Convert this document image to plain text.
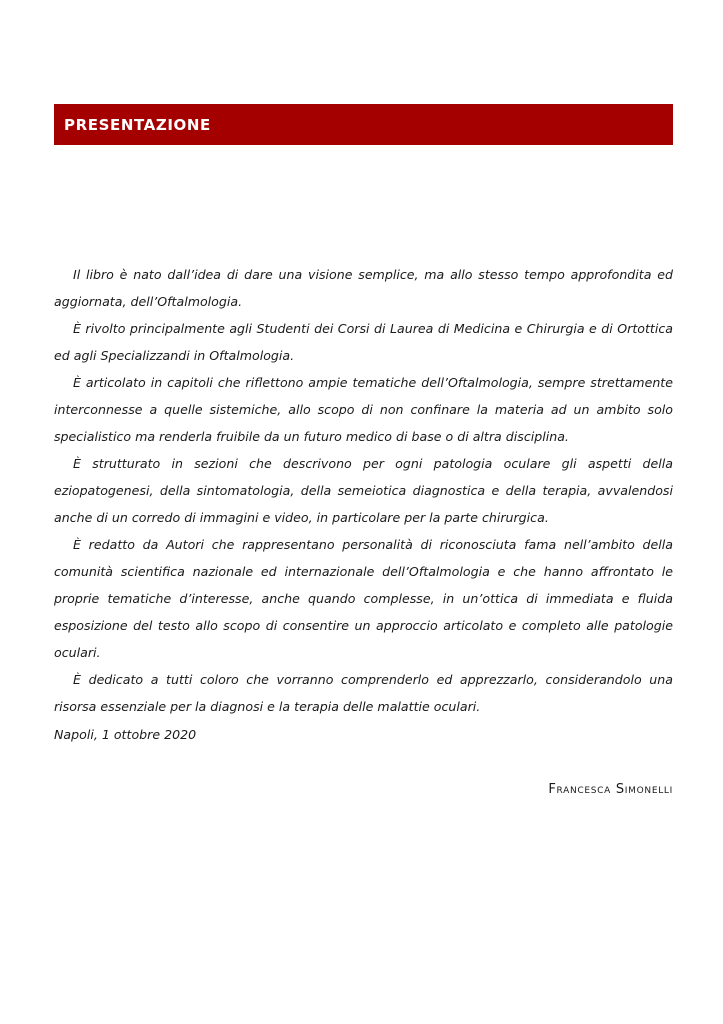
PRESENTAZIONE

Il libro è nato dall’idea di dare una visione semplice, ma allo stesso tempo approfondita ed aggiornata, dell’Oftalmologia.

È rivolto principalmente agli Studenti dei Corsi di Laurea di Medicina e Chirurgia e di Ortottica ed agli Specializzandi in Oftalmologia.

È articolato in capitoli che riflettono ampie tematiche dell’Oftalmologia, sempre strettamente interconnesse a quelle sistemiche, allo scopo di non confinare la materia ad un ambito solo specialistico ma renderla fruibile da un futuro medico di base o di altra disciplina.

È strutturato in sezioni che descrivono per ogni patologia oculare gli aspetti della eziopatogenesi, della sintomatologia, della semeiotica diagnostica e della terapia, avvalendosi anche di un corredo di immagini e video, in particolare per la parte chirurgica.

È redatto da Autori che rappresentano personalità di riconosciuta fama nell’ambito della comunità scientifica nazionale ed internazionale dell’Oftalmologia e che hanno affrontato le proprie tematiche d’interesse, anche quando complesse, in un’ottica di immediata e fluida esposizione del testo allo scopo di consentire un approccio articolato e completo alle patologie oculari.

È dedicato a tutti coloro che vorranno comprenderlo ed apprezzarlo, considerandolo una risorsa essenziale per la diagnosi e la terapia delle malattie oculari.

Napoli, 1 ottobre 2020
Francesca Simonelli
